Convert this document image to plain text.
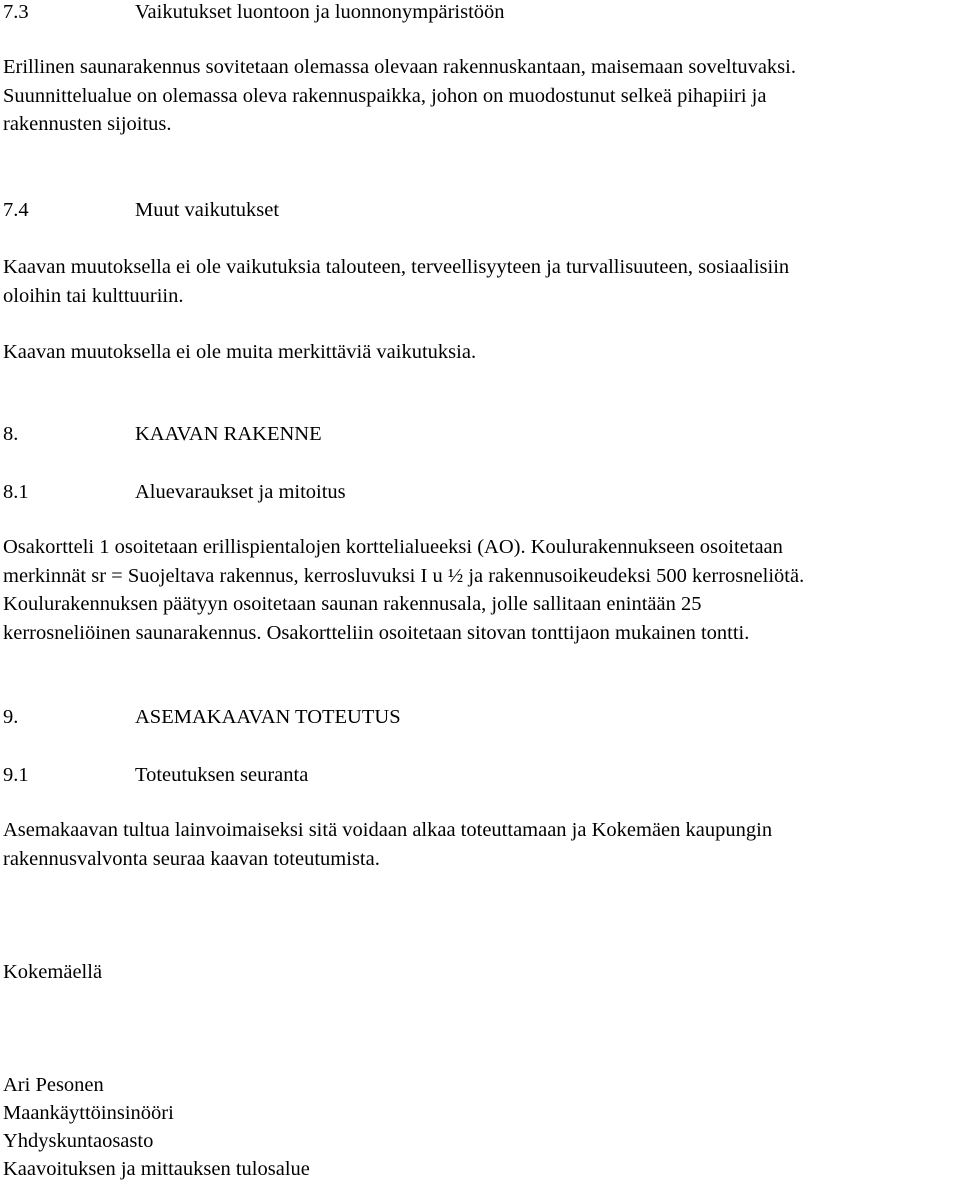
7.3	Vaikutukset luontoon ja luonnonympäristöön

Erillinen saunarakennus sovitetaan olemassa olevaan rakennuskantaan, maisemaan soveltuvaksi.
Suunnittelualue on olemassa oleva rakennuspaikka, johon on muodostunut selkeä pihapiiri ja
rakennusten sijoitus.

7.4	Muut vaikutukset

Kaavan muutoksella ei ole vaikutuksia talouteen, terveellisyyteen ja turvallisuuteen, sosiaalisiin
oloihin tai kulttuuriin.

Kaavan muutoksella ei ole muita merkittäviä vaikutuksia.
8.	KAAVAN RAKENNE
8.1	Aluevaraukset ja mitoitus

Osakortteli 1 osoitetaan erillispientalojen korttelialueeksi (AO). Koulurakennukseen osoitetaan
merkinnät sr = Suojeltava rakennus, kerrosluvuksi I u ½ ja rakennusoikeudeksi 500 kerrosneliötä.
Koulurakennuksen päätyyn osoitetaan saunan rakennusala, jolle sallitaan enintään 25
kerrosneliöinen saunarakennus. Osakortteliin osoitetaan sitovan tonttijaon mukainen tontti.

9.	ASEMAKAAVAN TOTEUTUS
9.1	Toteutuksen seuranta

Asemakaavan tultua lainvoimaiseksi sitä voidaan alkaa toteuttamaan ja Kokemäen kaupungin
rakennusvalvonta seuraa kaavan toteutumista.

Kokemäellä
Ari Pesonen
Maankäyttöinsinööri
Yhdyskuntaosasto
Kaavoituksen ja mittauksen tulosalue
